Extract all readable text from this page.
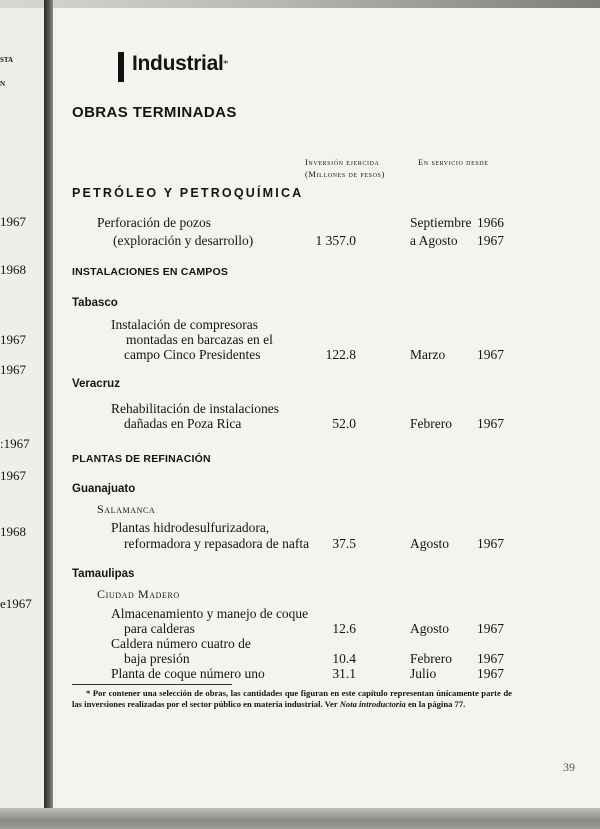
STA
N
1967
1968
1967
1967
:1967
1967
1968
e1967
Industrial *
OBRAS TERMINADAS
Inversión ejercida
(Millones de pesos)
En servicio desde
PETRÓLEO Y PETROQUÍMICA
INSTALACIONES EN CAMPOS
Tabasco
Veracruz
PLANTAS DE REFINACIÓN
Guanajuato
Salamanca
Tamaulipas
Ciudad Madero
Perforación de pozos	Septiembre 1966
(exploración y desarrollo)	1 357.0	a Agosto 1967
Instalación de compresoras
montadas en barcazas en el
campo Cinco Presidentes	122.8	Marzo 1967
Rehabilitación de instalaciones
dañadas en Poza Rica	52.0	Febrero 1967
Plantas hidrodesulfurizadora,
reformadora y repasadora de nafta	37.5	Agosto 1967
Almacenamiento y manejo de coque
para calderas	12.6	Agosto 1967
Caldera número cuatro de
baja presión	10.4	Febrero 1967
Planta de coque número uno	31.1	Julio	1967
* Por contener una selección de obras, las cantidades que figuran en este capítulo representan únicamente parte de las inversiones realizadas por el sector público en materia industrial. Ver Nota introductoria en la página 77.
39
